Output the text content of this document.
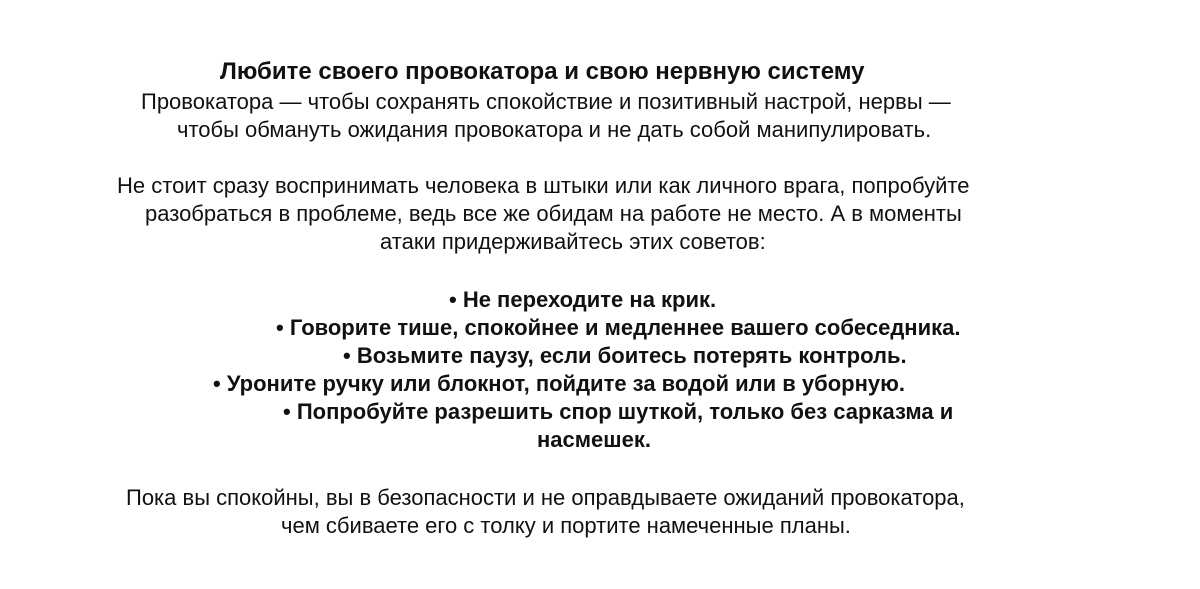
Любите своего провокатора и свою нервную систему
Провокатора — чтобы сохранять спокойствие и позитивный настрой, нервы —
чтобы обмануть ожидания провокатора и не дать собой манипулировать.
Не стоит сразу воспринимать человека в штыки или как личного врага, попробуйте
разобраться в проблеме, ведь все же обидам на работе не место. А в моменты
атаки придерживайтесь этих советов:
• Не переходите на крик.
• Говорите тише, спокойнее и медленнее вашего собеседника.
• Возьмите паузу, если боитесь потерять контроль.
• Уроните ручку или блокнот, пойдите за водой или в уборную.
• Попробуйте разрешить спор шуткой, только без сарказма и
насмешек.
Пока вы спокойны, вы в безопасности и не оправдываете ожиданий провокатора,
чем сбиваете его с толку и портите намеченные планы.
